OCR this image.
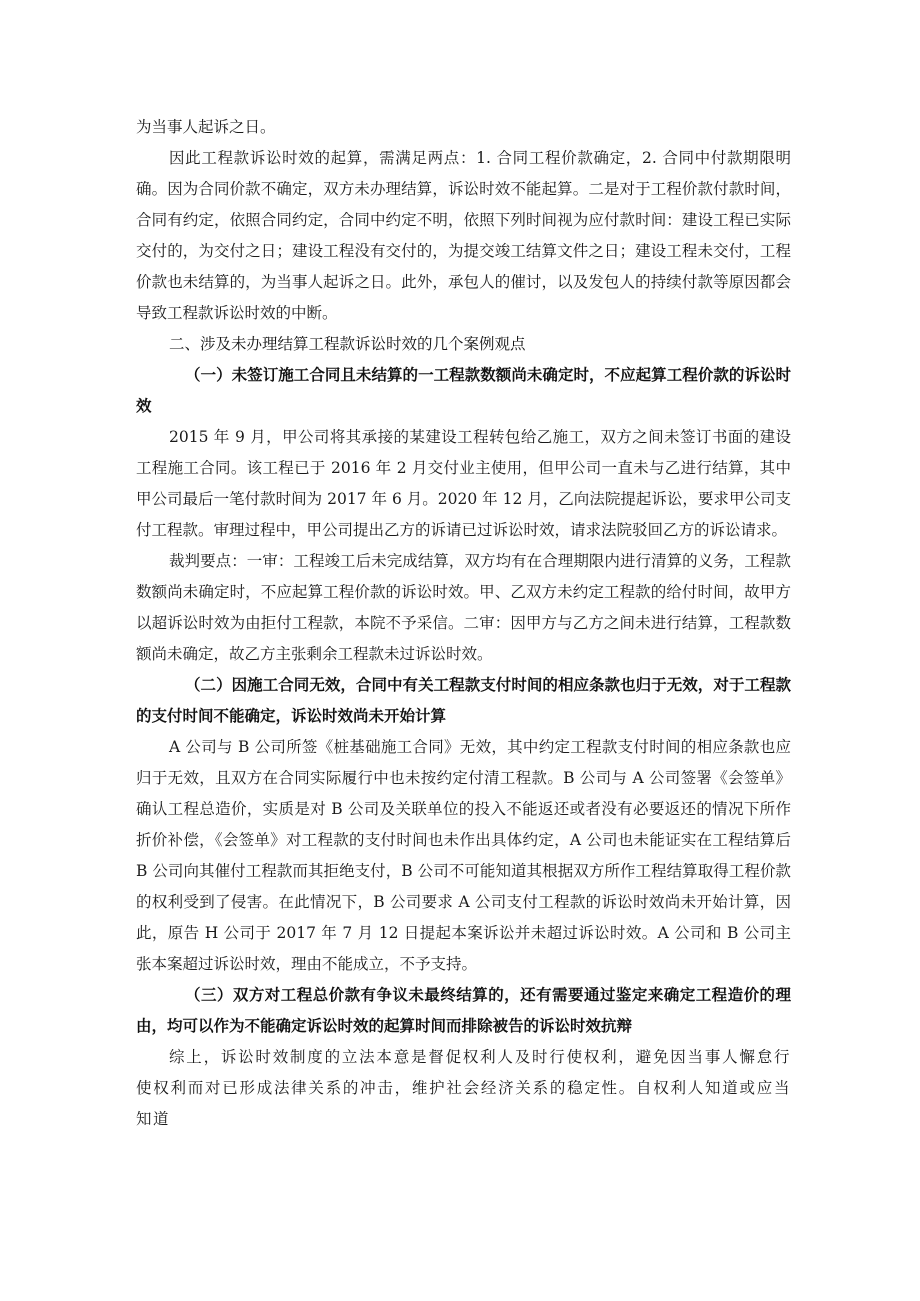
为当事人起诉之日。

因此工程款诉讼时效的起算，需满足两点：1. 合同工程价款确定，2. 合同中付款期限明确。因为合同价款不确定，双方未办理结算，诉讼时效不能起算。二是对于工程价款付款时间，合同有约定，依照合同约定，合同中约定不明，依照下列时间视为应付款时间：建设工程已实际交付的，为交付之日；建设工程没有交付的，为提交竣工结算文件之日；建设工程未交付，工程价款也未结算的，为当事人起诉之日。此外，承包人的催讨，以及发包人的持续付款等原因都会导致工程款诉讼时效的中断。

二、涉及未办理结算工程款诉讼时效的几个案例观点

（一）未签订施工合同且未结算的一工程款数额尚未确定时，不应起算工程价款的诉讼时效

2015 年 9 月，甲公司将其承接的某建设工程转包给乙施工，双方之间未签订书面的建设工程施工合同。该工程已于 2016 年 2 月交付业主使用，但甲公司一直未与乙进行结算，其中甲公司最后一笔付款时间为 2017 年 6 月。2020 年 12 月，乙向法院提起诉讼，要求甲公司支付工程款。审理过程中，甲公司提出乙方的诉请已过诉讼时效，请求法院驳回乙方的诉讼请求。

裁判要点：一审：工程竣工后未完成结算，双方均有在合理期限内进行清算的义务，工程款数额尚未确定时，不应起算工程价款的诉讼时效。甲、乙双方未约定工程款的给付时间，故甲方以超诉讼时效为由拒付工程款，本院不予采信。二审：因甲方与乙方之间未进行结算，工程款数额尚未确定，故乙方主张剩余工程款未过诉讼时效。

（二）因施工合同无效，合同中有关工程款支付时间的相应条款也归于无效，对于工程款的支付时间不能确定，诉讼时效尚未开始计算

A 公司与 B 公司所签《桩基础施工合同》无效，其中约定工程款支付时间的相应条款也应归于无效，且双方在合同实际履行中也未按约定付清工程款。B 公司与 A 公司签署《会签单》确认工程总造价，实质是对 B 公司及关联单位的投入不能返还或者没有必要返还的情况下所作折价补偿，《会签单》对工程款的支付时间也未作出具体约定，A 公司也未能证实在工程结算后 B 公司向其催付工程款而其拒绝支付，B 公司不可能知道其根据双方所作工程结算取得工程价款的权利受到了侵害。在此情况下，B 公司要求 A 公司支付工程款的诉讼时效尚未开始计算，因此，原告 H 公司于 2017 年 7 月 12 日提起本案诉讼并未超过诉讼时效。A 公司和 B 公司主张本案超过诉讼时效，理由不能成立，不予支持。

（三）双方对工程总价款有争议未最终结算的，还有需要通过鉴定来确定工程造价的理由，均可以作为不能确定诉讼时效的起算时间而排除被告的诉讼时效抗辩

综上，诉讼时效制度的立法本意是督促权利人及时行使权利，避免因当事人懈怠行使权利而对已形成法律关系的冲击，维护社会经济关系的稳定性。自权利人知道或应当知道
